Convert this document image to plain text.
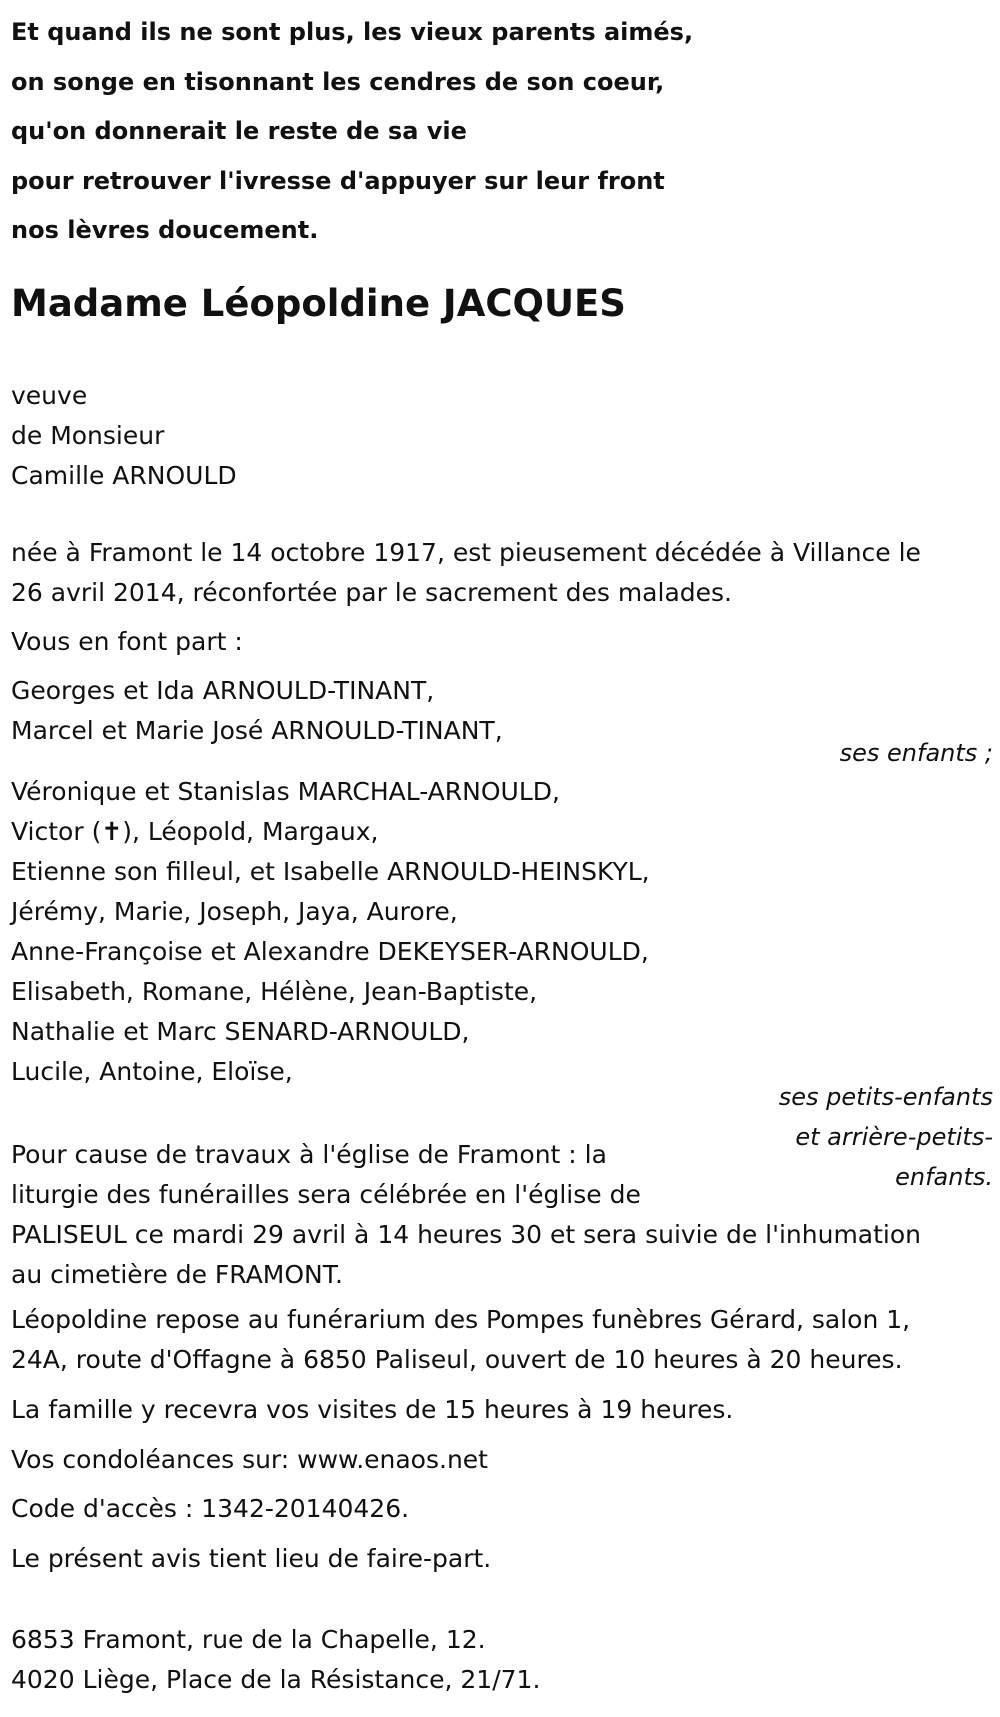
Et quand ils ne sont plus, les vieux parents aimés,
on songe en tisonnant les cendres de son coeur,
qu'on donnerait le reste de sa vie
pour retrouver l'ivresse d'appuyer sur leur front
nos lèvres doucement.
Madame Léopoldine JACQUES
veuve
de Monsieur
Camille ARNOULD
née à Framont le 14 octobre 1917, est pieusement décédée à Villance le
26 avril 2014, réconfortée par le sacrement des malades.
Vous en font part :
Georges et Ida ARNOULD-TINANT,
Marcel et Marie José ARNOULD-TINANT,
ses enfants ;
Véronique et Stanislas MARCHAL-ARNOULD,
Victor (✝), Léopold, Margaux,
Etienne son filleul, et Isabelle ARNOULD-HEINSKYL,
Jérémy, Marie, Joseph, Jaya, Aurore,
Anne-Françoise et Alexandre DEKEYSER-ARNOULD,
Elisabeth, Romane, Hélène, Jean-Baptiste,
Nathalie et Marc SENARD-ARNOULD,
Lucile, Antoine, Eloïse,
ses petits-enfants
et arrière-petits-
enfants.
Pour cause de travaux à l'église de Framont : la
liturgie des funérailles sera célébrée en l'église de
PALISEUL ce mardi 29 avril à 14 heures 30 et sera suivie de l'inhumation
au cimetière de FRAMONT.
Léopoldine repose au funérarium des Pompes funèbres Gérard, salon 1,
24A, route d'Offagne à 6850 Paliseul, ouvert de 10 heures à 20 heures.
La famille y recevra vos visites de 15 heures à 19 heures.
Vos condoléances sur: www.enaos.net
Code d'accès : 1342-20140426.
Le présent avis tient lieu de faire-part.
6853 Framont, rue de la Chapelle, 12.
4020 Liège, Place de la Résistance, 21/71.
